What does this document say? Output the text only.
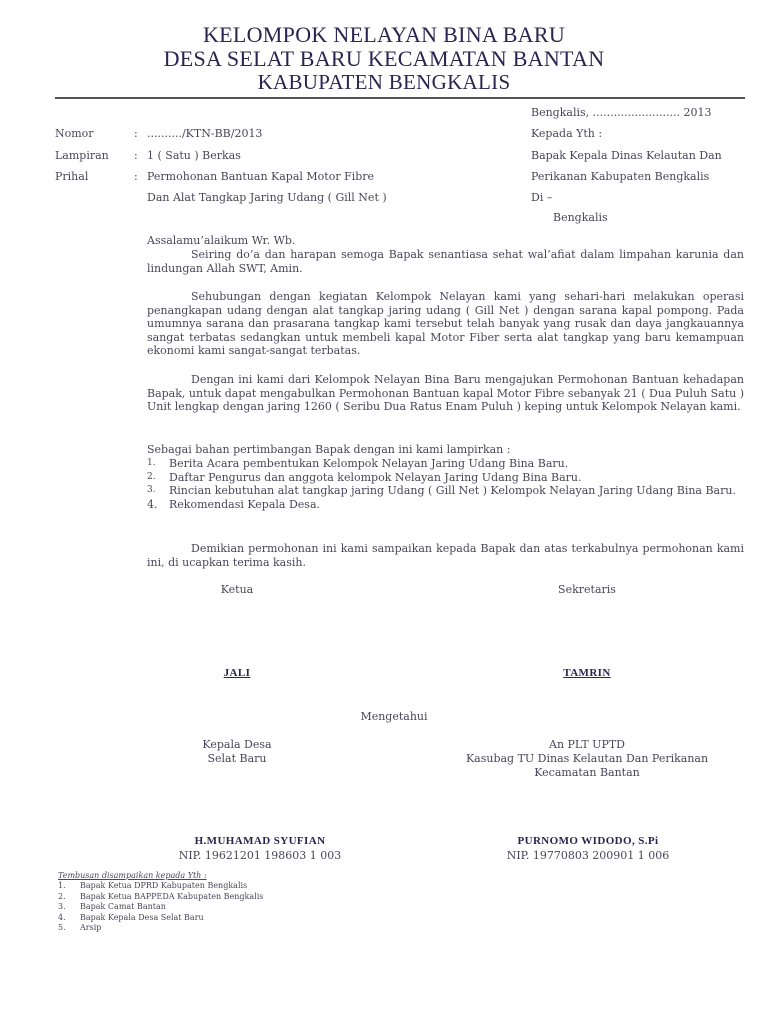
KELOMPOK NELAYAN BINA BARU
DESA SELAT BARU KECAMATAN BANTAN
KABUPATEN BENGKALIS
Bengkalis, ......................... 2013
Nomor	: ........../KTN-BB/2013
Lampiran : 1 ( Satu ) Berkas
Prihal	: Permohonan Bantuan Kapal Motor Fibre
Dan Alat Tangkap Jaring Udang ( Gill Net )
Kepada Yth :
Bapak Kepala Dinas Kelautan Dan
Perikanan Kabupaten Bengkalis
Di –
Bengkalis
Assalamu’alaikum Wr. Wb.
Seiring do’a dan harapan semoga Bapak senantiasa sehat wal’afiat dalam limpahan karunia dan lindungan Allah SWT, Amin.
Sehubungan dengan kegiatan Kelompok Nelayan kami yang sehari-hari melakukan operasi penangkapan udang dengan alat tangkap jaring udang ( Gill Net ) dengan sarana kapal pompong. Pada umumnya sarana dan prasarana tangkap kami tersebut telah banyak yang rusak dan daya jangkauannya sangat terbatas sedangkan untuk membeli kapal Motor Fiber serta alat tangkap yang baru kemampuan ekonomi kami sangat-sangat terbatas.
Dengan ini kami dari Kelompok Nelayan Bina Baru mengajukan Permohonan Bantuan kehadapan Bapak, untuk dapat mengabulkan Permohonan Bantuan kapal Motor Fibre sebanyak 21 ( Dua Puluh Satu ) Unit lengkap dengan jaring 1260 ( Seribu Dua Ratus Enam Puluh ) keping untuk Kelompok Nelayan kami.
Sebagai bahan pertimbangan Bapak dengan ini kami lampirkan :
1. Berita Acara pembentukan Kelompok Nelayan Jaring Udang Bina Baru.
2. Daftar Pengurus dan anggota kelompok Nelayan Jaring Udang Bina Baru.
3. Rincian kebutuhan alat tangkap jaring Udang ( Gill Net ) Kelompok Nelayan Jaring Udang Bina Baru.
4. Rekomendasi Kepala Desa.
Demikian permohonan ini kami sampaikan kepada Bapak dan atas terkabulnya permohonan kami ini, di ucapkan terima kasih.
Ketua	Sekretaris
JALI	TAMRIN
Mengetahui
Kepala Desa
Selat Baru
An PLT UPTD
Kasubag TU Dinas Kelautan Dan Perikanan
Kecamatan Bantan
H.MUHAMAD SYUFIAN
NIP. 19621201 198603 1 003
PURNOMO WIDODO, S.Pi
NIP. 19770803 200901 1 006
Tembusan disampaikan kepada Yth :
1. Bapak Ketua DPRD Kabupaten Bengkalis
2. Bapak Ketua BAPPEDA Kabupaten Bengkalis
3. Bapak Camat Bantan
4. Bapak Kepala Desa Selat Baru
5. Arsip
